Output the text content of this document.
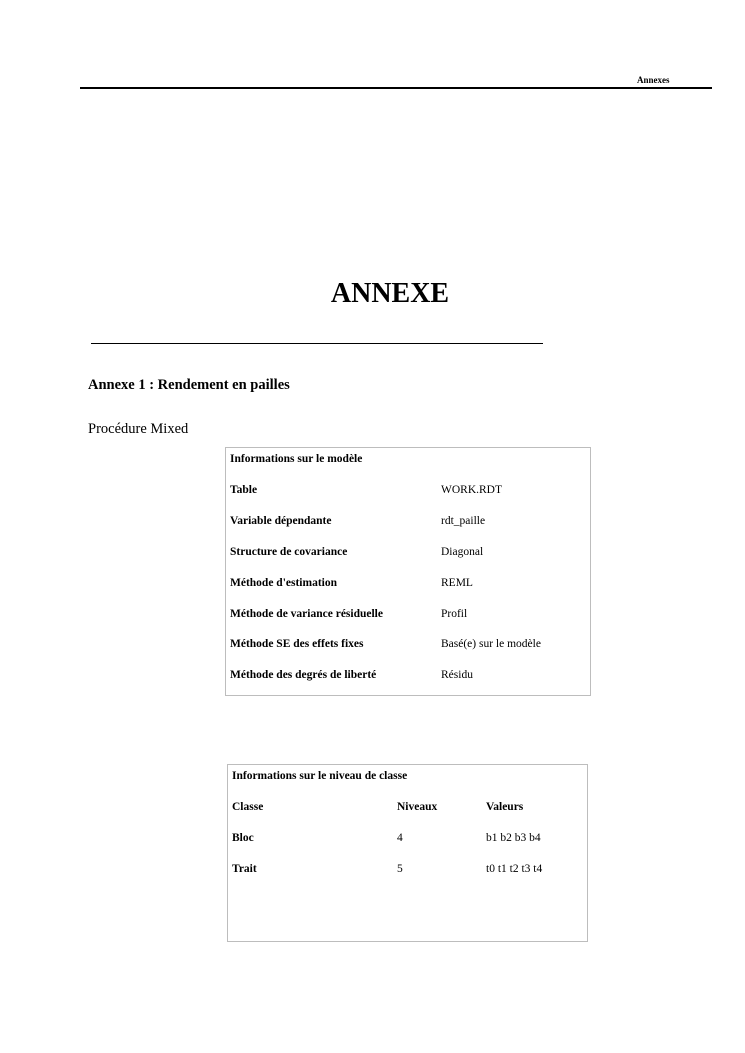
Annexes
ANNEXE
Annexe 1 : Rendement en pailles
Procédure Mixed
Informations sur le modèle
Table	WORK.RDT
Variable dépendante	rdt_paille
Structure de covariance	Diagonal
Méthode d'estimation	REML
Méthode de variance résiduelle	Profil
Méthode SE des effets fixes	Basé(e) sur le modèle
Méthode des degrés de liberté	Résidu
Informations sur le niveau de classe
Classe	Niveaux	Valeurs
Bloc	4	b1 b2 b3 b4
Trait	5	t0 t1 t2 t3 t4
